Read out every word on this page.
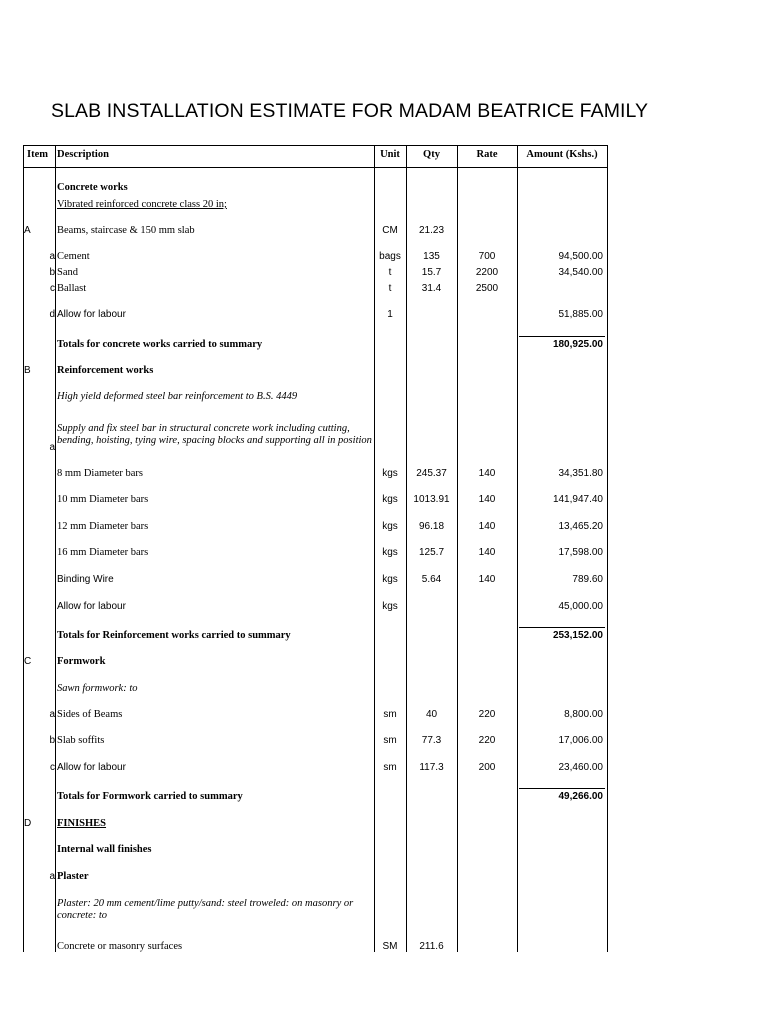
SLAB INSTALLATION ESTIMATE FOR MADAM BEATRICE FAMILY
Item Description	Unit	Qty	Rate	Amount (Kshs.)
Concrete works
Vibrated reinforced concrete class 20 in;
A	Beams, staircase & 150 mm slab	CM	21.23
a Cement	bags	135	700	94,500.00
b Sand	t	15.7	2200	34,540.00
c Ballast	t	31.4	2500
d Allow for labour	1	51,885.00
Totals for concrete works carried to summary	180,925.00
B	Reinforcement works
High yield deformed steel bar reinforcement to B.S. 4449
Supply and fix steel bar in structural concrete work including cutting,
bending, hoisting, tying wire, spacing blocks and supporting all in position
a
8 mm Diameter bars	kgs	245.37	140	34,351.80
10 mm Diameter bars	kgs	1013.91	140	141,947.40
12 mm Diameter bars	kgs	96.18	140	13,465.20
16 mm Diameter bars	kgs	125.7	140	17,598.00
Binding Wire	kgs	5.64	140	789.60
Allow for labour	kgs	45,000.00
Totals for Reinforcement works carried to summary	253,152.00
C Formwork
Sawn formwork: to
a Sides of Beams	sm	40	220	8,800.00
b Slab soffits	sm	77.3	220	17,006.00
c Allow for labour	sm	117.3	200	23,460.00
Totals for Formwork carried to summary	49,266.00
D FINISHES
Internal wall finishes
a Plaster
Plaster: 20 mm cement/lime putty/sand: steel troweled: on masonry or
concrete: to
Concrete or masonry surfaces	SM	211.6
